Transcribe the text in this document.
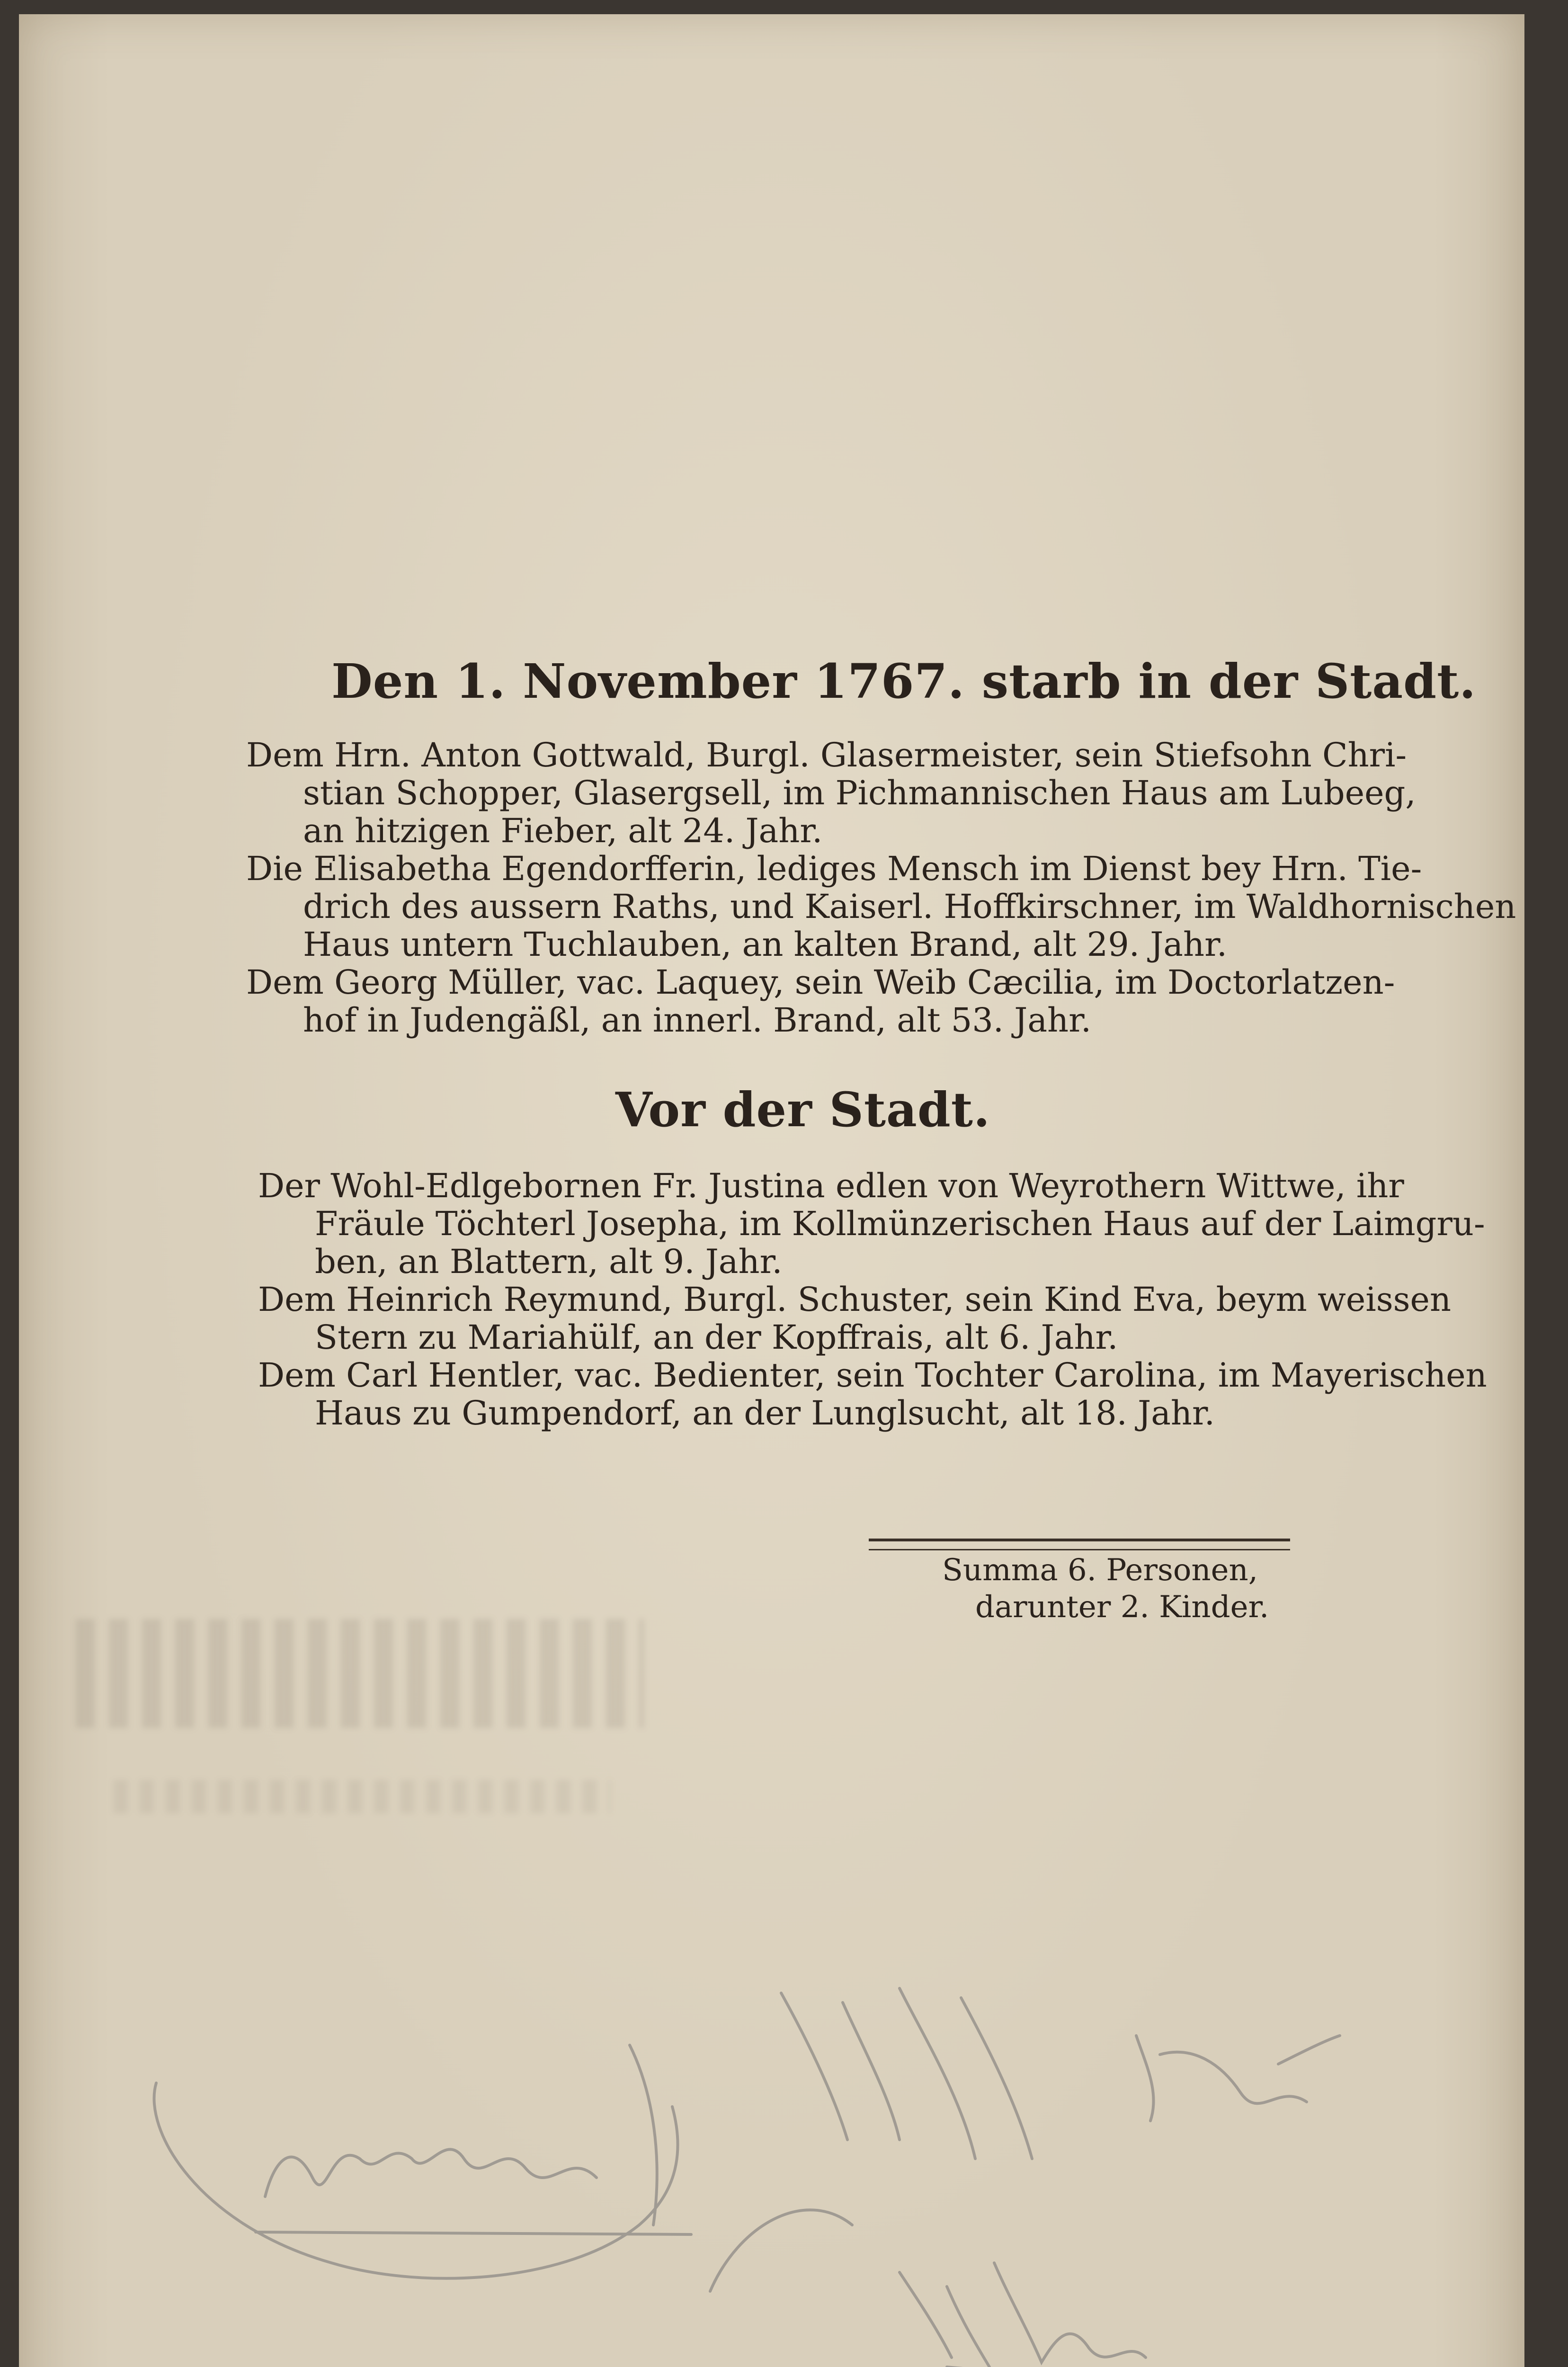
Den 1. November 1767. starb in der Stadt.
Dem Hrn. Anton Gottwald, Burgl. Glasermeister, sein Stiefsohn Chri-
stian Schopper, Glasergsell, im Pichmannischen Haus am Lubeeg,
an hitzigen Fieber, alt 24. Jahr.
Die Elisabetha Egendorfferin, lediges Mensch im Dienst bey Hrn. Tie-
drich des aussern Raths, und Kaiserl. Hoffkirschner, im Waldhornischen
Haus untern Tuchlauben, an kalten Brand, alt 29. Jahr.
Dem Georg Müller, vac. Laquey, sein Weib Cæcilia, im Doctorlatzen-
hof in Judengäßl, an innerl. Brand, alt 53. Jahr.
Vor der Stadt.
Der Wohl-Edlgebornen Fr. Justina edlen von Weyrothern Wittwe, ihr
Fräule Töchterl Josepha, im Kollmünzerischen Haus auf der Laimgru-
ben, an Blattern, alt 9. Jahr.
Dem Heinrich Reymund, Burgl. Schuster, sein Kind Eva, beym weissen
Stern zu Mariahülf, an der Kopffrais, alt 6. Jahr.
Dem Carl Hentler, vac. Bedienter, sein Tochter Carolina, im Mayerischen
Haus zu Gumpendorf, an der Lunglsucht, alt 18. Jahr.
Summa 6. Personen,
darunter 2. Kinder.
